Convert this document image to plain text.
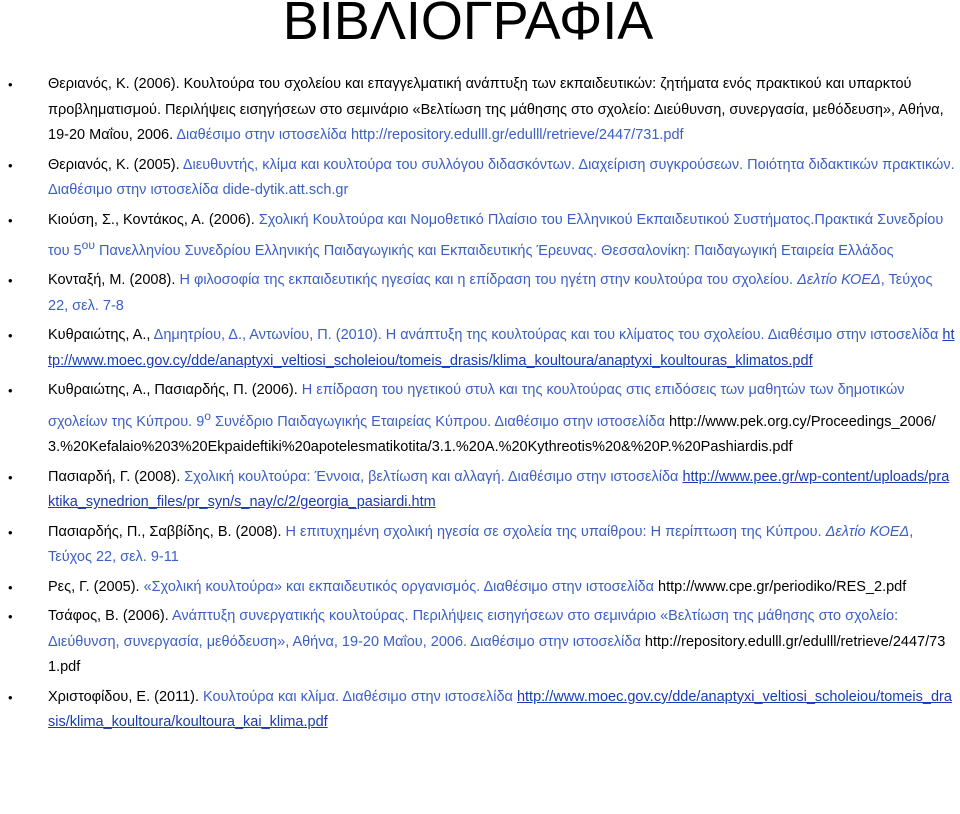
ΒΙΒΛΙΟΓΡΑΦΙΑ
• Θεριανός, Κ. (2006). Κουλτούρα του σχολείου και επαγγελματική ανάπτυξη των εκπαιδευτικών: ζητήματα ενός πρακτικού και υπαρκτού προβληματισμού. Περιλήψεις εισηγήσεων στο σεμινάριο «Βελτίωση της μάθησης στο σχολείο: Διεύθυνση, συνεργασία, μεθόδευση», Αθήνα, 19-20 Μαΐου, 2006. Διαθέσιμο στην ιστοσελίδα http://repository.edulll.gr/edulll/retrieve/2447/731.pdf
• Θεριανός, Κ. (2005). Διευθυντής, κλίμα και κουλτούρα του συλλόγου διδασκόντων. Διαχείριση συγκρούσεων. Ποιότητα διδακτικών πρακτικών. Διαθέσιμο στην ιστοσελίδα dide-dytik.att.sch.gr
• Κιούση, Σ., Κοντάκος, Α. (2006). Σχολική Κουλτούρα και Νομοθετικό Πλαίσιο του Ελληνικού Εκπαιδευτικού Συστήματος.Πρακτικά Συνεδρίου του $5^{o\upsilon}$ Πανελληνίου Συνεδρίου Ελληνικής Παιδαγωγικής και Εκπαιδευτικής Έρευνας. Θεσσαλονίκη: Παιδαγωγική Εταιρεία Ελλάδος
• Κονταξή, Μ. (2008). Η φιλοσοφία της εκπαιδευτικής ηγεσίας και η επίδραση του ηγέτη στην κουλτούρα του σχολείου. Δελτίο ΚΟΕΔ, Τεύχος 22, σελ. 7-8
• Κυθραιώτης, Α., Δημητρίου, Δ., Αντωνίου, Π. (2010). Η ανάπτυξη της κουλτούρας και του κλίματος του σχολείου. Διαθέσιμο στην ιστοσελίδα http://www.moec.gov.cy/dde/anaptyxi_veltiosi_scholeiou/tomeis_drasis/klima_koultoura/anaptyxi_koultouras_klimatos.pdf
• Κυθραιώτης, Α., Πασιαρδής, Π. (2006). Η επίδραση του ηγετικού στυλ και της κουλτούρας στις επιδόσεις των μαθητών των δημοτικών σχολείων της Κύπρου. $9^o$ Συνέδριο Παιδαγωγικής Εταιρείας Κύπρου. Διαθέσιμο στην ιστοσελίδα http://www.pek.org.cy/Proceedings_2006/3.%20Kefalaio%203%20Ekpaideftiki%20apotelesmatikotita/3.1.%20A.%20Kythreotis%20&%20P.%20Pashiardis.pdf
• Πασιαρδή, Γ. (2008). Σχολική κουλτούρα: Έννοια, βελτίωση και αλλαγή. Διαθέσιμο στην ιστοσελίδα http://www.pee.gr/wp-content/uploads/praktika_synedrion_files/pr_syn/s_nay/c/2/georgia_pasiardi.htm
• Πασιαρδής, Π., Σαββίδης, Β. (2008). Η επιτυχημένη σχολική ηγεσία σε σχολεία της υπαίθρου: Η περίπτωση της Κύπρου. Δελτίο ΚΟΕΔ, Τεύχος 22, σελ. 9-11
• Ρες, Γ. (2005). «Σχολική κουλτούρα» και εκπαιδευτικός οργανισμός. Διαθέσιμο στην ιστοσελίδα http://www.cpe.gr/periodiko/RES_2.pdf
• Τσάφος, Β. (2006). Ανάπτυξη συνεργατικής κουλτούρας. Περιλήψεις εισηγήσεων στο σεμινάριο «Βελτίωση της μάθησης στο σχολείο: Διεύθυνση, συνεργασία, μεθόδευση», Αθήνα, 19-20 Μαΐου, 2006. Διαθέσιμο στην ιστοσελίδα http://repository.edulll.gr/edulll/retrieve/2447/731.pdf
• Χριστοφίδου, Ε. (2011). Κουλτούρα και κλίμα. Διαθέσιμο στην ιστοσελίδα http://www.moec.gov.cy/dde/anaptyxi_veltiosi_scholeiou/tomeis_drasis/klima_koultoura/koultoura_kai_klima.pdf
